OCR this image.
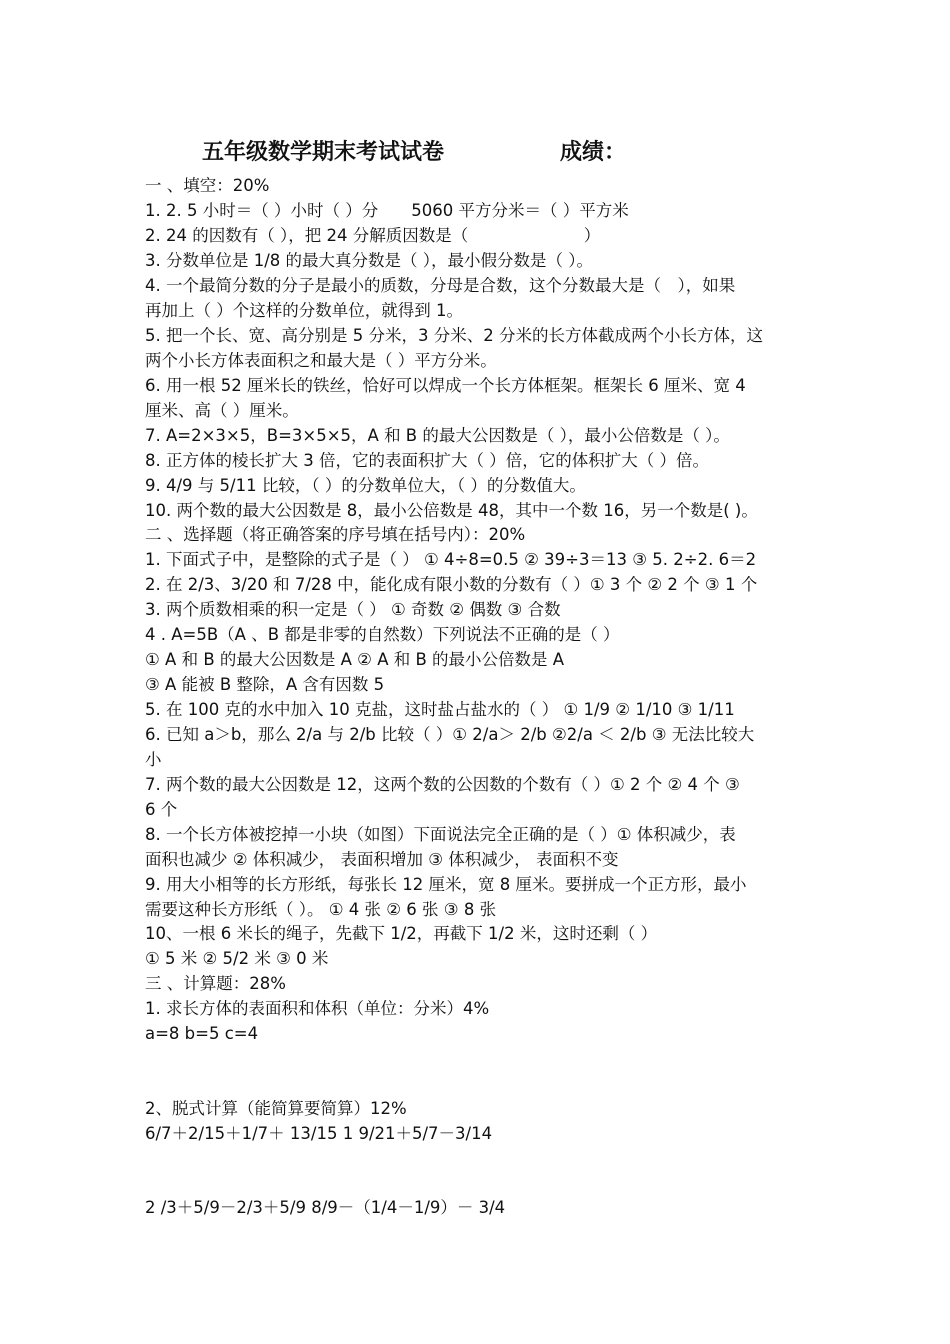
五年级数学期末考试试卷	成绩：
一 、填空：20%
1. 2. 5 小时＝（ ）小时（ ）分　　5060 平方分米＝（ ）平方米
2. 24 的因数有（ ），把 24 分解质因数是（　　　　　　　）
3. 分数单位是 1/8 的最大真分数是（ ），最小假分数是（ ）。
4. 一个最简分数的分子是最小的质数，分母是合数，这个分数最大是（　），如果
再加上（ ）个这样的分数单位，就得到 1。
5. 把一个长、宽、高分别是 5 分米，3 分米、2 分米的长方体截成两个小长方体，这
两个小长方体表面积之和最大是（ ）平方分米。
6. 用一根 52 厘米长的铁丝，恰好可以焊成一个长方体框架。框架长 6 厘米、宽 4
厘米、高（ ）厘米。
7. A=2×3×5，B=3×5×5，A 和 B 的最大公因数是（ ），最小公倍数是（ ）。
8. 正方体的棱长扩大 3 倍，它的表面积扩大（ ）倍，它的体积扩大（ ）倍。
9. 4/9 与 5/11 比较，（ ）的分数单位大，（ ）的分数值大。
10. 两个数的最大公因数是 8，最小公倍数是 48，其中一个数 16，另一个数是( )。
二 、选择题（将正确答案的序号填在括号内）：20%
1. 下面式子中，是整除的式子是（ ） ① 4÷8=0.5 ② 39÷3＝13 ③ 5. 2÷2. 6＝2
2. 在 2/3、3/20 和 7/28 中，能化成有限小数的分数有（ ）① 3 个 ② 2 个 ③ 1 个
3. 两个质数相乘的积一定是（ ） ① 奇数 ② 偶数 ③ 合数
4 . A=5B（A 、B 都是非零的自然数）下列说法不正确的是（ ）
① A 和 B 的最大公因数是 A ② A 和 B 的最小公倍数是 A
③ A 能被 B 整除，A 含有因数 5
5. 在 100 克的水中加入 10 克盐，这时盐占盐水的（ ） ① 1/9 ② 1/10 ③ 1/11
6. 已知 a＞b，那么 2/a 与 2/b 比较（ ）① 2/a＞ 2/b ②2/a ＜ 2/b ③ 无法比较大
小
7. 两个数的最大公因数是 12，这两个数的公因数的个数有（ ）① 2 个 ② 4 个 ③
6 个
8. 一个长方体被挖掉一小块（如图）下面说法完全正确的是（ ）① 体积减少，表
面积也减少 ② 体积减少， 表面积增加 ③ 体积减少， 表面积不变
9. 用大小相等的长方形纸，每张长 12 厘米，宽 8 厘米。要拼成一个正方形，最小
需要这种长方形纸（ ）。 ① 4 张 ② 6 张 ③ 8 张
10、一根 6 米长的绳子，先截下 1/2，再截下 1/2 米，这时还剩（ ）
① 5 米 ② 5/2 米 ③ 0 米
三 、计算题：28%
1. 求长方体的表面积和体积（单位：分米）4%
a=8 b=5 c=4
2、脱式计算（能简算要简算）12%
6/7＋2/15＋1/7＋ 13/15 1 9/21＋5/7－3/14
2 /3＋5/9－2/3＋5/9 8/9－（1/4－1/9）－ 3/4
